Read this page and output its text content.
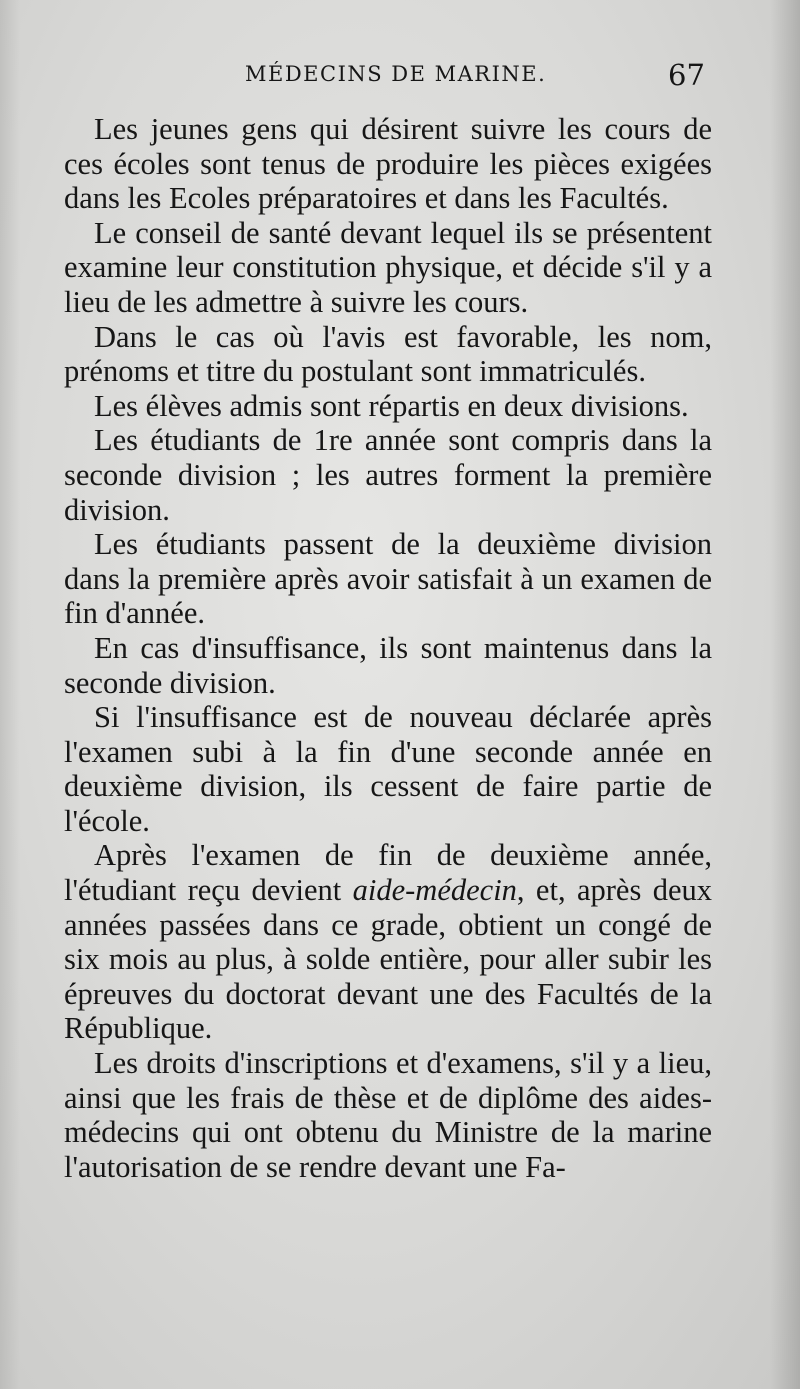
MÉDECINS DE MARINE.	67

Les jeunes gens qui désirent suivre les cours de ces écoles sont tenus de produire les pièces exigées dans les Ecoles préparatoires et dans les Facultés.

Le conseil de santé devant lequel ils se présentent examine leur constitution physique, et décide s'il y a lieu de les admettre à suivre les cours.

Dans le cas où l'avis est favorable, les nom, prénoms et titre du postulant sont immatriculés.

Les élèves admis sont répartis en deux divisions.

Les étudiants de 1re année sont compris dans la seconde division ; les autres forment la première division.

Les étudiants passent de la deuxième division dans la première après avoir satisfait à un examen de fin d'année.

En cas d'insuffisance, ils sont maintenus dans la seconde division.

Si l'insuffisance est de nouveau déclarée après l'examen subi à la fin d'une seconde année en deuxième division, ils cessent de faire partie de l'école.

Après l'examen de fin de deuxième année, l'étudiant reçu devient aide-médecin, et, après deux années passées dans ce grade, obtient un congé de six mois au plus, à solde entière, pour aller subir les épreuves du doctorat devant une des Facultés de la République.

Les droits d'inscriptions et d'examens, s'il y a lieu, ainsi que les frais de thèse et de diplôme des aides-médecins qui ont obtenu du Ministre de la marine l'autorisation de se rendre devant une Fa-
